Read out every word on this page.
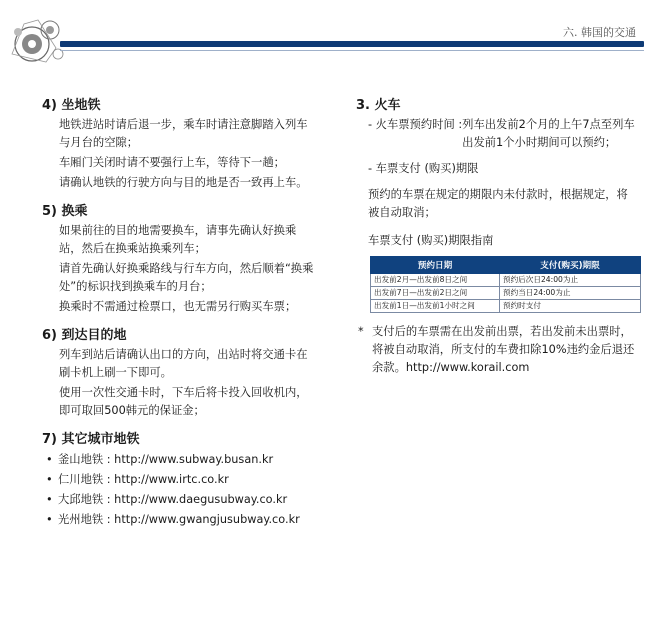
六. 韩国的交通
4) 坐地铁
地铁进站时请后退一步，乘车时请注意脚踏入列车与月台的空隙；
车厢门关闭时请不要强行上车，等待下一趟；
请确认地铁的行驶方向与目的地是否一致再上车。
5) 换乘
如果前往的目的地需要换车，请事先确认好换乘站，然后在换乘站换乘列车；
请首先确认好换乘路线与行车方向，然后顺着“换乘处”的标识找到换乘车的月台；
换乘时不需通过检票口，也无需另行购买车票；
6) 到达目的地
列车到站后请确认出口的方向，出站时将交通卡在刷卡机上刷一下即可。
使用一次性交通卡时，下车后将卡投入回收机内，即可取回500韩元的保证金；
7) 其它城市地铁
• 釜山地铁 : http://www.subway.busan.kr
• 仁川地铁 : http://www.irtc.co.kr
• 大邱地铁 : http://www.daegusubway.co.kr
• 光州地铁 : http://www.gwangjusubway.co.kr
3. 火车
- 火车票预约时间 : 列车出发前2个月的上午7点至列车出发前1个小时期间可以预约；
- 车票支付 (购买)期限
预约的车票在规定的期限内未付款时，根据规定，将被自动取消；
车票支付 (购买)期限指南
预约日期	支付(购买)期限
出发前2月—出发前8日之间	预约后次日24:00为止
出发前7日—出发前2日之间	预约当日24:00为止
出发前1日—出发前1小时之间	预约时支付
* 支付后的车票需在出发前出票，若出发前未出票时，将被自动取消，所支付的车费扣除10%违约金后退还余款。http://www.korail.com
